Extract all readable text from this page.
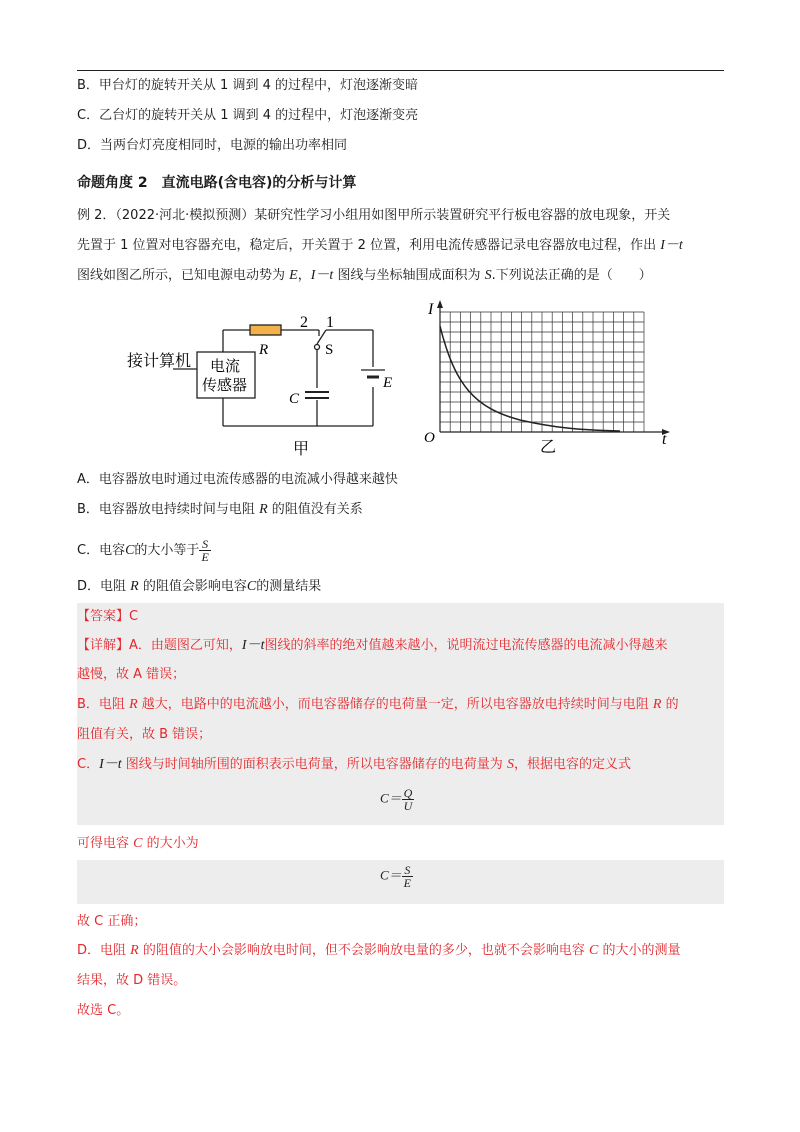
B．甲台灯的旋转开关从 1 调到 4 的过程中，灯泡逐渐变暗
C．乙台灯的旋转开关从 1 调到 4 的过程中，灯泡逐渐变亮
D．当两台灯亮度相同时，电源的输出功率相同
命题角度 2　直流电路(含电容)的分析与计算
例 2．（2022·河北·模拟预测）某研究性学习小组用如图甲所示装置研究平行板电容器的放电现象，开关
先置于 1 位置对电容器充电，稳定后，开关置于 2 位置，利用电流传感器记录电容器放电过程，作出 I－t
图线如图乙所示，已知电源电动势为 E，I－t 图线与坐标轴围成面积为 S.下列说法正确的是（　　）
接计算机 电流
传感器
R
2 1
S
C
E
甲
I
O	t
乙
A．电容器放电时通过电流传感器的电流减小得越来越快
B．电容器放电持续时间与电阻 R 的阻值没有关系
C．电容C的大小等于 $\frac{S}{E}$
D．电阻 R 的阻值会影响电容C的测量结果
【答案】C
【详解】A．由题图乙可知，I－t图线的斜率的绝对值越来越小，说明流过电流传感器的电流减小得越来
越慢，故 A 错误；
B．电阻 R 越大，电路中的电流越小，而电容器储存的电荷量一定，所以电容器放电持续时间与电阻 R 的
阻值有关，故 B 错误；
C．I－t 图线与时间轴所围的面积表示电荷量，所以电容器储存的电荷量为 S，根据电容的定义式
$C= \frac{Q}{U}$
可得电容 C 的大小为
$C= \frac{S}{E}$
故 C 正确；
D．电阻 R 的阻值的大小会影响放电时间，但不会影响放电量的多少，也就不会影响电容 C 的大小的测量
结果，故 D 错误。
故选 C。
